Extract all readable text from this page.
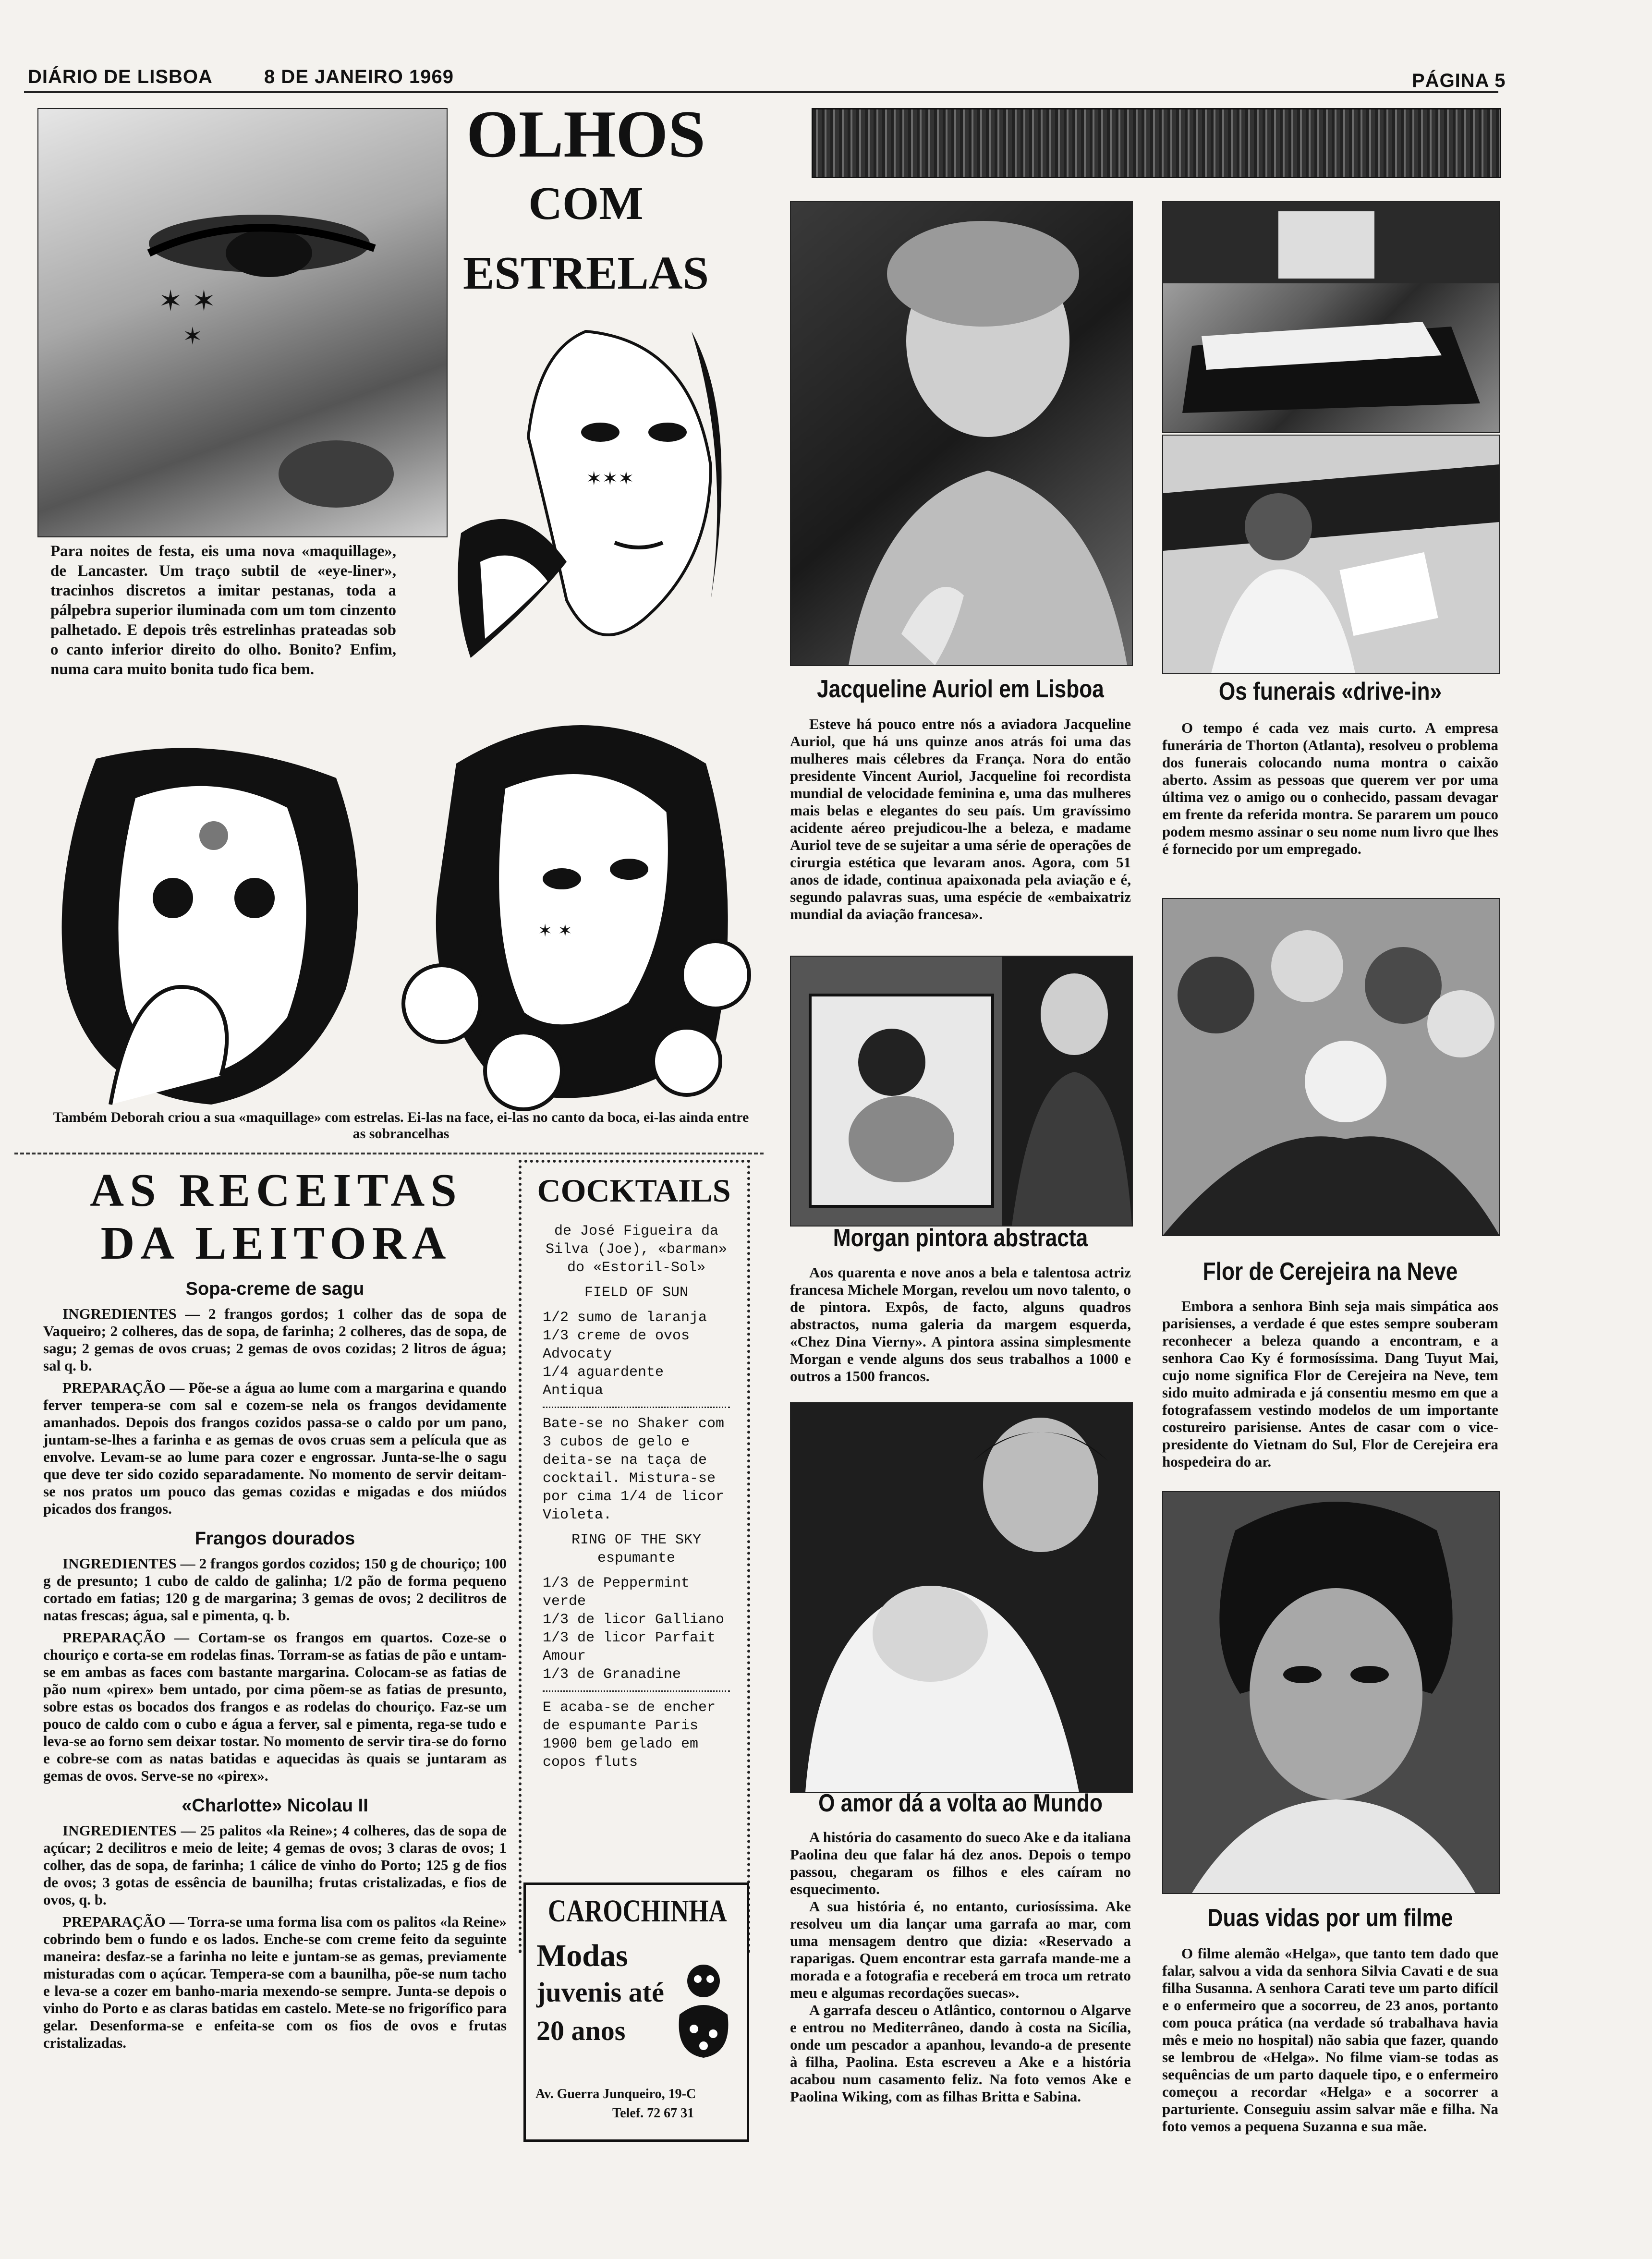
DIÁRIO DE LISBOA	8 DE JANEIRO 1969	PÁGINA 5
✶ ✶
✶
OLHOS
COM
ESTRELAS
✶✶✶
Para noites de festa, eis uma nova «maquillage», de Lancaster. Um traço subtil de «eye-liner», tracinhos discretos a imitar pestanas, toda a pálpebra superior iluminada com um tom cinzento palhetado. E depois três estrelinhas prateadas sob o canto inferior direito do olho. Bonito? Enfim, numa cara muito bonita tudo fica bem.
✶ ✶
Também Deborah criou a sua «maquillage» com estrelas. Ei-las na face, ei-las no canto da boca, ei-las ainda entre as sobrancelhas
AS RECEITAS
DA LEITORA
Sopa-creme de sagu

INGREDIENTES — 2 frangos gordos; 1 colher das de sopa de Vaqueiro; 2 colheres, das de sopa, de farinha; 2 colheres, das de sopa, de sagu; 2 gemas de ovos cruas; 2 gemas de ovos cozidas; 2 litros de água; sal q. b.

PREPARAÇÃO — Põe-se a água ao lume com a margarina e quando ferver tempera-se com sal e cozem-se nela os frangos devidamente amanhados. Depois dos frangos cozidos passa-se o caldo por um pano, juntam-se-lhes a farinha e as gemas de ovos cruas sem a película que as envolve. Levam-se ao lume para cozer e engrossar. Junta-se-lhe o sagu que deve ter sido cozido separadamente. No momento de servir deitam-se nos pratos um pouco das gemas cozidas e migadas e dos miúdos picados dos frangos.

Frangos dourados

INGREDIENTES — 2 frangos gordos cozidos; 150 g de chouriço; 100 g de presunto; 1 cubo de caldo de galinha; 1/2 pão de forma pequeno cortado em fatias; 120 g de margarina; 3 gemas de ovos; 2 decilitros de natas frescas; água, sal e pimenta, q. b.

PREPARAÇÃO — Cortam-se os frangos em quartos. Coze-se o chouriço e corta-se em rodelas finas. Torram-se as fatias de pão e untam-se em ambas as faces com bastante margarina. Colocam-se as fatias de pão num «pirex» bem untado, por cima põem-se as fatias de presunto, sobre estas os bocados dos frangos e as rodelas do chouriço. Faz-se um pouco de caldo com o cubo e água a ferver, sal e pimenta, rega-se tudo e leva-se ao forno sem deixar tostar. No momento de servir tira-se do forno e cobre-se com as natas batidas e aquecidas às quais se juntaram as gemas de ovos. Serve-se no «pirex».

«Charlotte» Nicolau II

INGREDIENTES — 25 palitos «la Reine»; 4 colheres, das de sopa de açúcar; 2 decilitros e meio de leite; 4 gemas de ovos; 3 claras de ovos; 1 colher, das de sopa, de farinha; 1 cálice de vinho do Porto; 125 g de fios de ovos; 3 gotas de essência de baunilha; frutas cristalizadas, e fios de ovos, q. b.

PREPARAÇÃO — Torra-se uma forma lisa com os palitos «la Reine» cobrindo bem o fundo e os lados. Enche-se com creme feito da seguinte maneira: desfaz-se a farinha no leite e juntam-se as gemas, previamente misturadas com o açúcar. Tempera-se com a baunilha, põe-se num tacho e leva-se a cozer em banho-maria mexendo-se sempre. Junta-se depois o vinho do Porto e as claras batidas em castelo. Mete-se no frigorífico para gelar. Desenforma-se e enfeita-se com os fios de ovos e frutas cristalizadas.

COCKTAILS

de José Figueira da Silva (Joe), «barman» do «Estoril-Sol»

FIELD OF SUN

1/2 sumo de laranja
1/3 creme de ovos Advocaty
1/4 aguardente Antiqua

Bate-se no Shaker com 3 cubos de gelo e deita-se na taça de cocktail. Mistura-se por cima 1/4 de licor Violeta.

RING OF THE SKY

espumante

1/3 de Peppermint verde
1/3 de licor Galliano
1/3 de licor Parfait Amour
1/3 de Granadine

E acaba-se de encher de espumante Paris 1900 bem gelado em copos fluts

CAROCHINHA
Modas
juvenis até
20 anos
Av. Guerra Junqueiro, 19-C
Telef. 72 67 31
Jacqueline Auriol em Lisboa
Esteve há pouco entre nós a aviadora Jacqueline Auriol, que há uns quinze anos atrás foi uma das mulheres mais célebres da França. Nora do então presidente Vincent Auriol, Jacqueline foi recordista mundial de velocidade feminina e, uma das mulheres mais belas e elegantes do seu país. Um gravíssimo acidente aéreo prejudicou-lhe a beleza, e madame Auriol teve de se sujeitar a uma série de operações de cirurgia estética que levaram anos. Agora, com 51 anos de idade, continua apaixonada pela aviação e é, segundo palavras suas, uma espécie de «embaixatriz mundial da aviação francesa».
Os funerais «drive-in»
O tempo é cada vez mais curto. A empresa funerária de Thorton (Atlanta), resolveu o problema dos funerais colocando numa montra o caixão aberto. Assim as pessoas que querem ver por uma última vez o amigo ou o conhecido, passam devagar em frente da referida montra. Se pararem um pouco podem mesmo assinar o seu nome num livro que lhes é fornecido por um empregado.
Morgan pintora abstracta
Aos quarenta e nove anos a bela e talentosa actriz francesa Michele Morgan, revelou um novo talento, o de pintora. Expôs, de facto, alguns quadros abstractos, numa galeria da margem esquerda, «Chez Dina Vierny». A pintora assina simplesmente Morgan e vende alguns dos seus trabalhos a 1000 e outros a 1500 francos.
Flor de Cerejeira na Neve
Embora a senhora Binh seja mais simpática aos parisienses, a verdade é que estes sempre souberam reconhecer a beleza quando a encontram, e a senhora Cao Ky é formosíssima. Dang Tuyut Mai, cujo nome significa Flor de Cerejeira na Neve, tem sido muito admirada e já consentiu mesmo em que a fotografassem vestindo modelos de um importante costureiro parisiense. Antes de casar com o vice-presidente do Vietnam do Sul, Flor de Cerejeira era hospedeira do ar.
O amor dá a volta ao Mundo

A história do casamento do sueco Ake e da italiana Paolina deu que falar há dez anos. Depois o tempo passou, chegaram os filhos e eles caíram no esquecimento.

A sua história é, no entanto, curiosíssima. Ake resolveu um dia lançar uma garrafa ao mar, com uma mensagem dentro que dizia: «Reservado a raparigas. Quem encontrar esta garrafa mande-me a morada e a fotografia e receberá em troca um retrato meu e algumas recordações suecas».

A garrafa desceu o Atlântico, contornou o Algarve e entrou no Mediterrâneo, dando à costa na Sicília, onde um pescador a apanhou, levando-a de presente à filha, Paolina. Esta escreveu a Ake e a história acabou num casamento feliz. Na foto vemos Ake e Paolina Wiking, com as filhas Britta e Sabina.

Duas vidas por um filme
O filme alemão «Helga», que tanto tem dado que falar, salvou a vida da senhora Silvia Cavati e de sua filha Susanna. A senhora Carati teve um parto difícil e o enfermeiro que a socorreu, de 23 anos, portanto com pouca prática (na verdade só trabalhava havia mês e meio no hospital) não sabia que fazer, quando se lembrou de «Helga». No filme viam-se todas as sequências de um parto daquele tipo, e o enfermeiro começou a recordar «Helga» e a socorrer a parturiente. Conseguiu assim salvar mãe e filha. Na foto vemos a pequena Suzanna e sua mãe.
